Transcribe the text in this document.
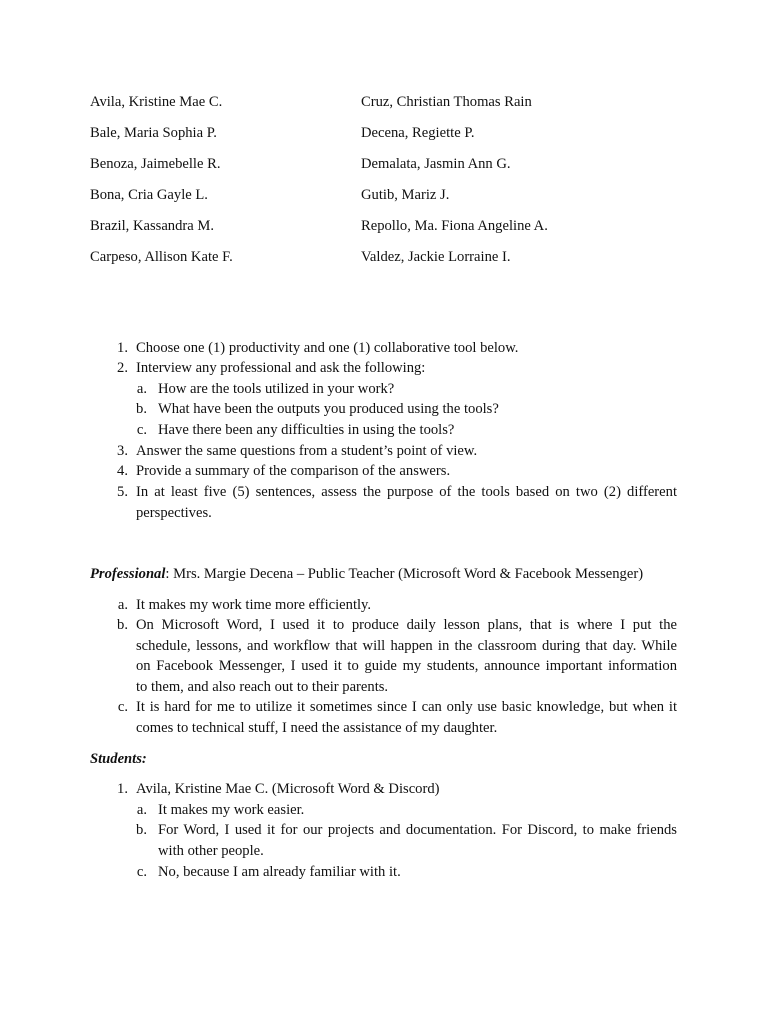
Avila, Kristine Mae C.	Cruz, Christian Thomas Rain
Bale, Maria Sophia P.	Decena, Regiette P.
Benoza, Jaimebelle R.	Demalata, Jasmin Ann G.
Bona, Cria Gayle L.	Gutib, Mariz J.
Brazil, Kassandra M.	Repollo, Ma. Fiona Angeline A.
Carpeso, Allison Kate F.	Valdez, Jackie Lorraine I.
1. Choose one (1) productivity and one (1) collaborative tool below.
2. Interview any professional and ask the following:
a. How are the tools utilized in your work?
b. What have been the outputs you produced using the tools?
c. Have there been any difficulties in using the tools?
3. Answer the same questions from a student’s point of view.
4. Provide a summary of the comparison of the answers.
5. In at least five (5) sentences, assess the purpose of the tools based on two (2) different
perspectives.
Professional: Mrs. Margie Decena – Public Teacher (Microsoft Word & Facebook Messenger)
a. It makes my work time more efficiently.
b. On Microsoft Word, I used it to produce daily lesson plans, that is where I put the
schedule, lessons, and workflow that will happen in the classroom during that day. While
on Facebook Messenger, I used it to guide my students, announce important information
to them, and also reach out to their parents.
c. It is hard for me to utilize it sometimes since I can only use basic knowledge, but when it
comes to technical stuff, I need the assistance of my daughter.
Students:
1. Avila, Kristine Mae C. (Microsoft Word & Discord)
a. It makes my work easier.
b. For Word, I used it for our projects and documentation. For Discord, to make friends
with other people.
c. No, because I am already familiar with it.
